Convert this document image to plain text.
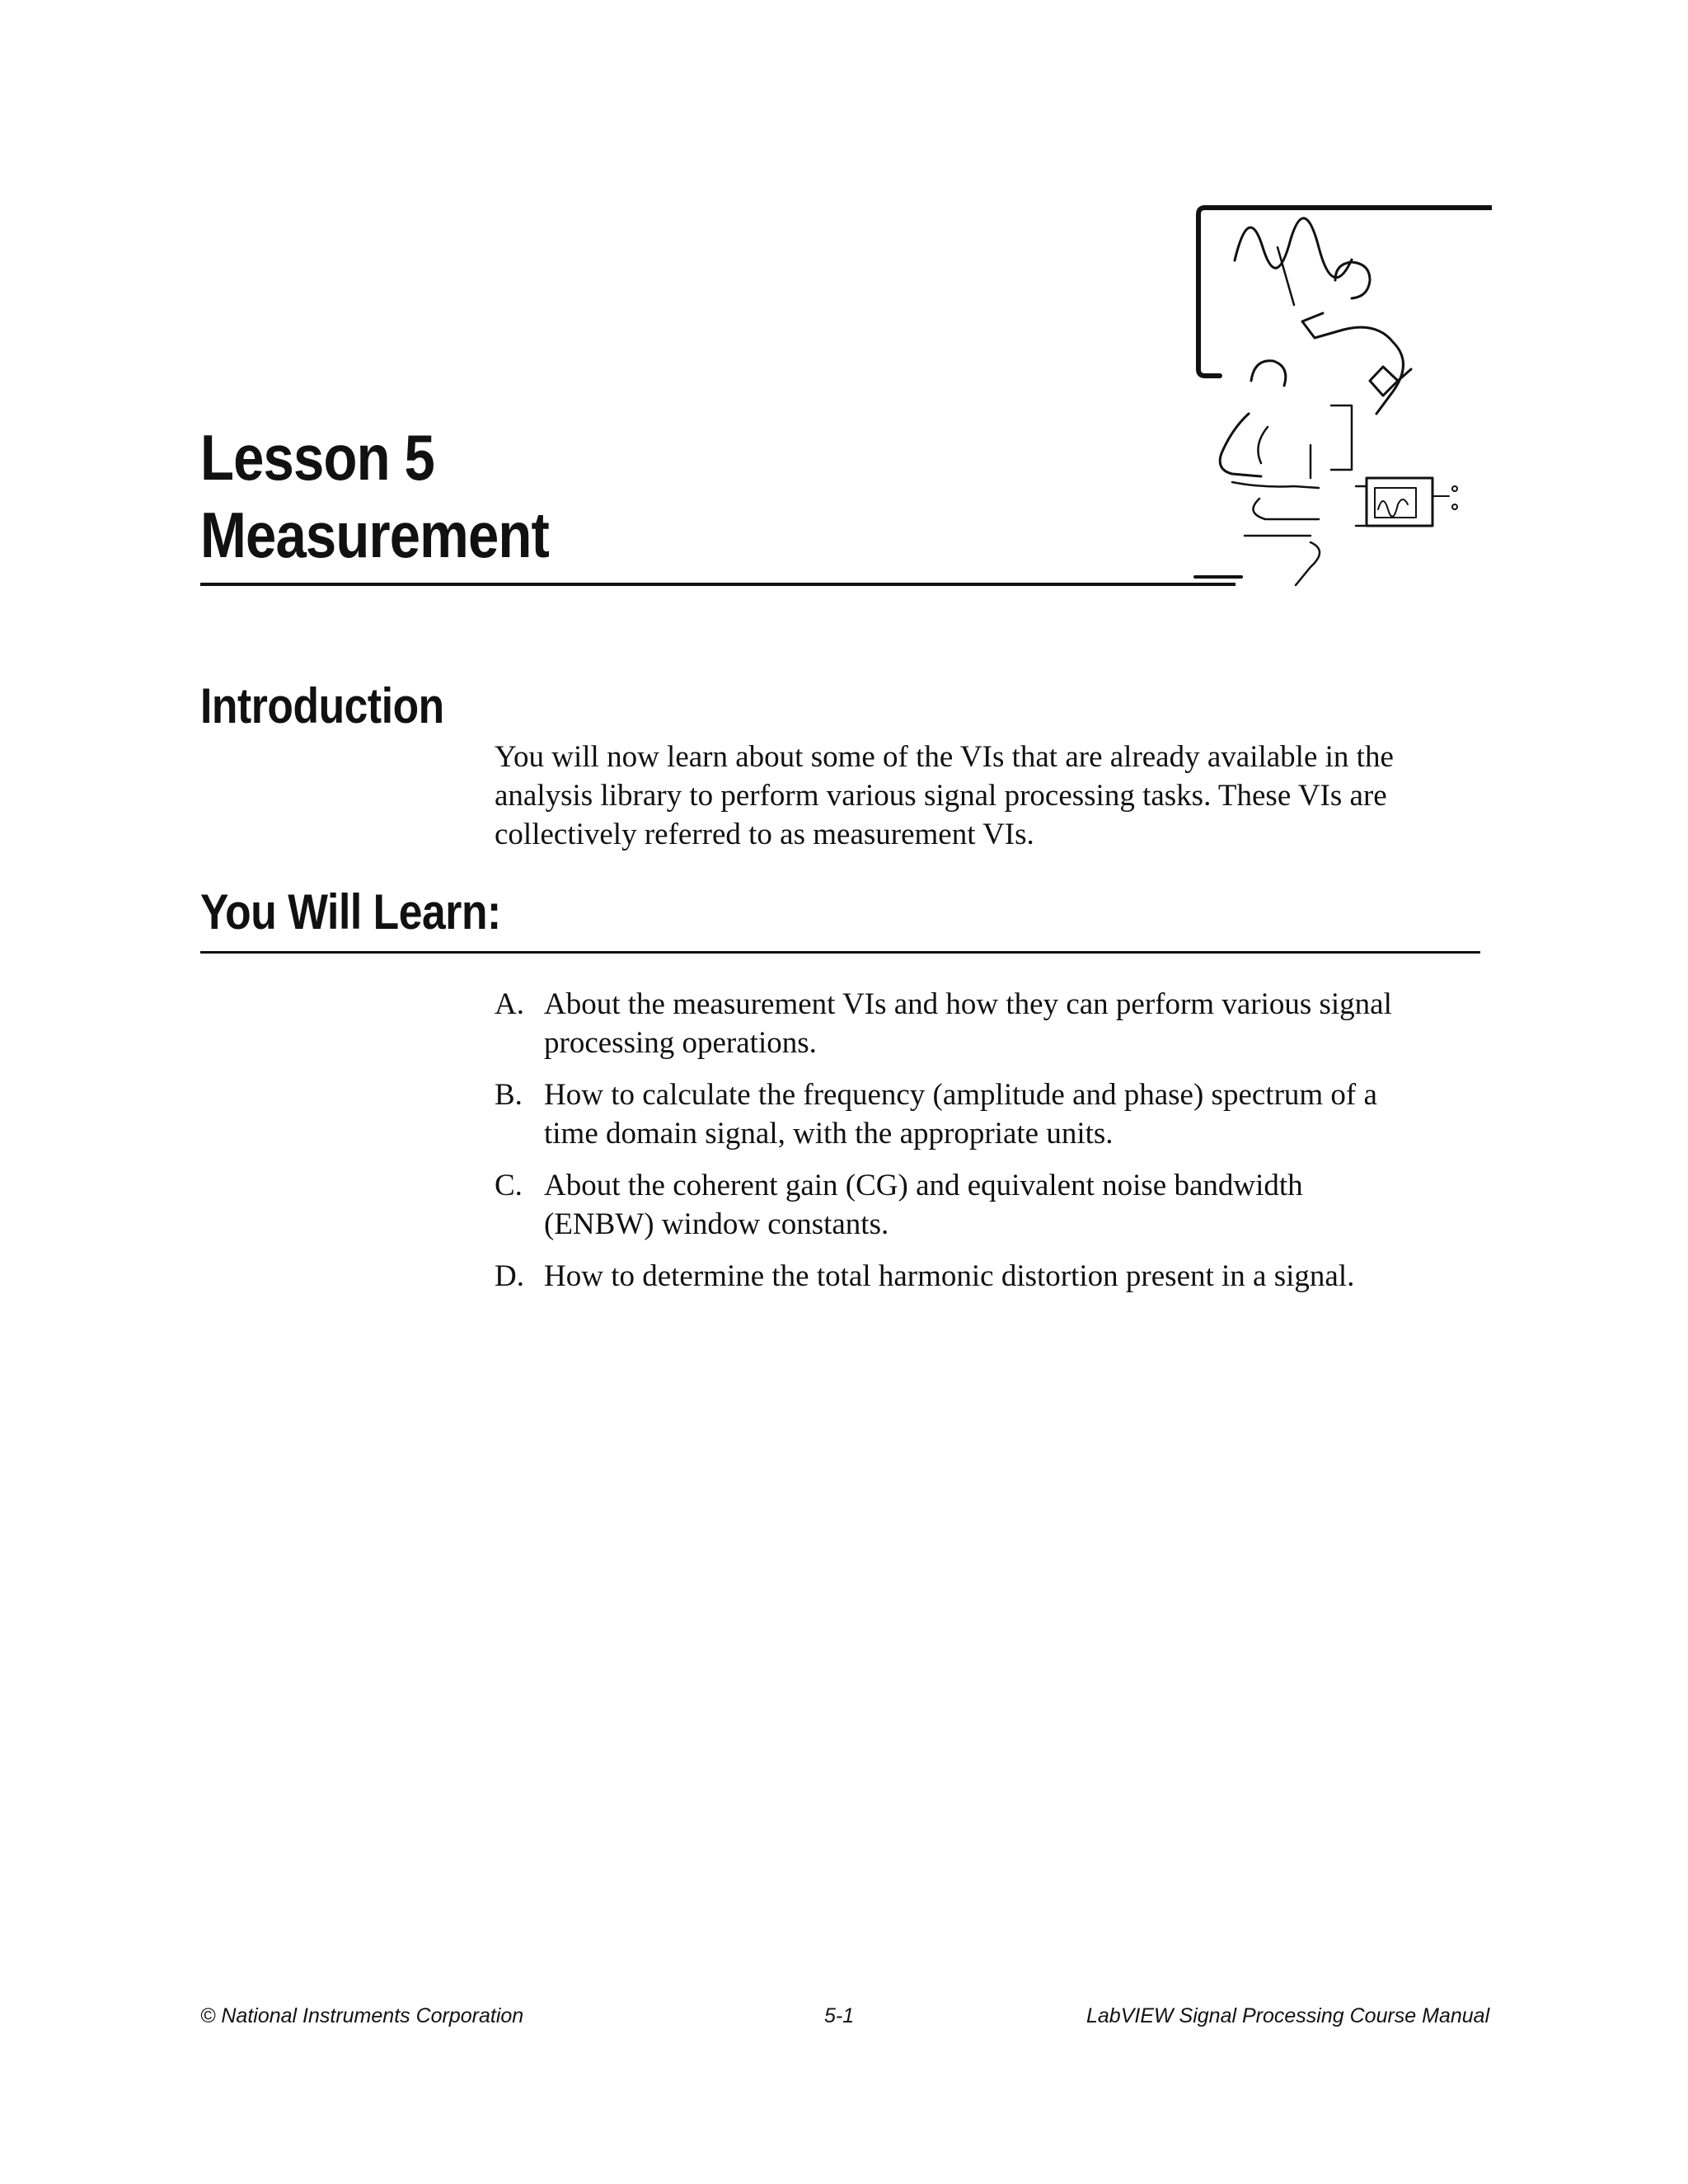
Lesson 5
Measurement
Introduction
You will now learn about some of the VIs that are already available in the
analysis library to perform various signal processing tasks. These VIs are
collectively referred to as measurement VIs.
You Will Learn:
A. About the measurement VIs and how they can perform various signal
processing operations.
B. How to calculate the frequency (amplitude and phase) spectrum of a
time domain signal, with the appropriate units.
C. About the coherent gain (CG) and equivalent noise bandwidth
(ENBW) window constants.
D. How to determine the total harmonic distortion present in a signal.
© National Instruments Corporation	5-1	LabVIEW Signal Processing Course Manual
